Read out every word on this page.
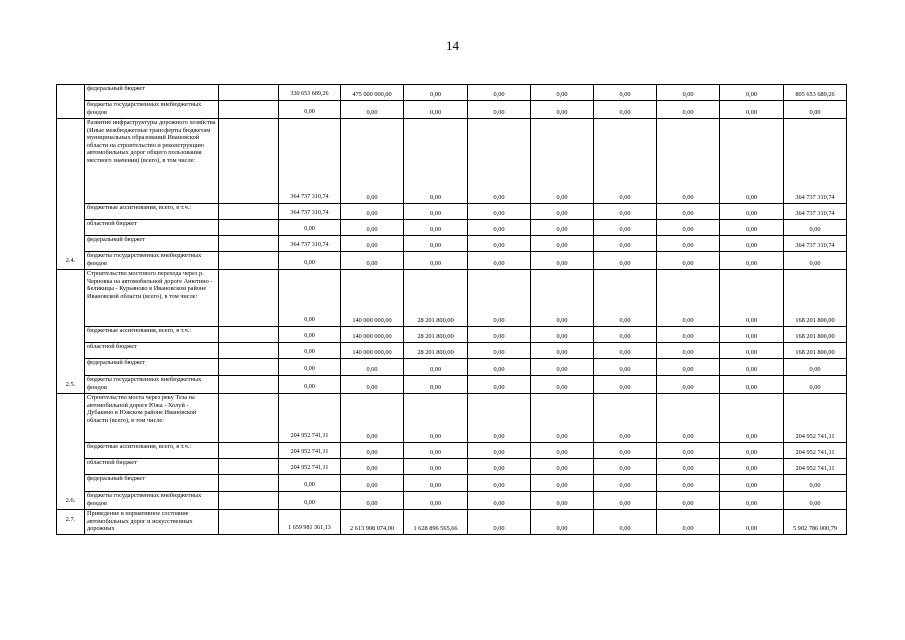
14
	федеральный бюджет		330 653 689,26	475 000 000,00	0,00	0,00	0,00	0,00	0,00	0,00	805 653 689,26
	бюджеты государственных внебюджетных фондов		0,00	0,00	0,00	0,00	0,00	0,00	0,00	0,00	0,00
2.4.	Развитие инфраструктуры дорожного хозяйства (Иные межбюджетные трансферты бюджетам муниципальных образований Ивановской области на строительство и реконструкцию автомобильных дорог общего пользования местного значения) (всего), в том числе:		364 737 310,74	0,00	0,00	0,00	0,00	0,00	0,00	0,00	364 737 310,74
	бюджетные ассигнования, всего, в т.ч.:		364 737 310,74	0,00	0,00	0,00	0,00	0,00	0,00	0,00	364 737 310,74
	областной бюджет		0,00	0,00	0,00	0,00	0,00	0,00	0,00	0,00	0,00
	федеральный бюджет		364 737 310,74	0,00	0,00	0,00	0,00	0,00	0,00	0,00	364 737 310,74
	бюджеты государственных внебюджетных фондов		0,00	0,00	0,00	0,00	0,00	0,00	0,00	0,00	0,00
2.5.	Строительство мостового перехода через р. Черновка на автомобильной дороге Анютино - Беликицы - Курьяново в Ивановском районе Ивановской области (всего), в том числе:		0,00	140 000 000,00	28 201 800,00	0,00	0,00	0,00	0,00	0,00	168 201 800,00
	бюджетные ассигнования, всего, в т.ч.:		0,00	140 000 000,00	28 201 800,00	0,00	0,00	0,00	0,00	0,00	168 201 800,00
	областной бюджет		0,00	140 000 000,00	28 201 800,00	0,00	0,00	0,00	0,00	0,00	168 201 800,00
	федеральный бюджет		0,00	0,00	0,00	0,00	0,00	0,00	0,00	0,00	0,00
	бюджеты государственных внебюджетных фондов		0,00	0,00	0,00	0,00	0,00	0,00	0,00	0,00	0,00
2.6.	Строительство моста через реку Теза на автомобильной дороге Южа - Холуй - Дубакино в Южском районе Ивановской области (всего), в том числе:		204 952 741,11	0,00	0,00	0,00	0,00	0,00	0,00	0,00	204 952 741,11
	бюджетные ассигнования, всего, в т.ч.:		204 952 741,11	0,00	0,00	0,00	0,00	0,00	0,00	0,00	204 952 741,11
	областной бюджет		204 952 741,11	0,00	0,00	0,00	0,00	0,00	0,00	0,00	204 952 741,11
	федеральный бюджет		0,00	0,00	0,00	0,00	0,00	0,00	0,00	0,00	0,00
	бюджеты государственных внебюджетных фондов		0,00	0,00	0,00	0,00	0,00	0,00	0,00	0,00	0,00
2.7.	Приведение в нормативное состояние автомобильных дорог и искусственных дорожных		1 659 981 361,13	2 613 908 074,00	1 628 896 565,66	0,00	0,00	0,00	0,00	0,00	5 902 786 000,79
